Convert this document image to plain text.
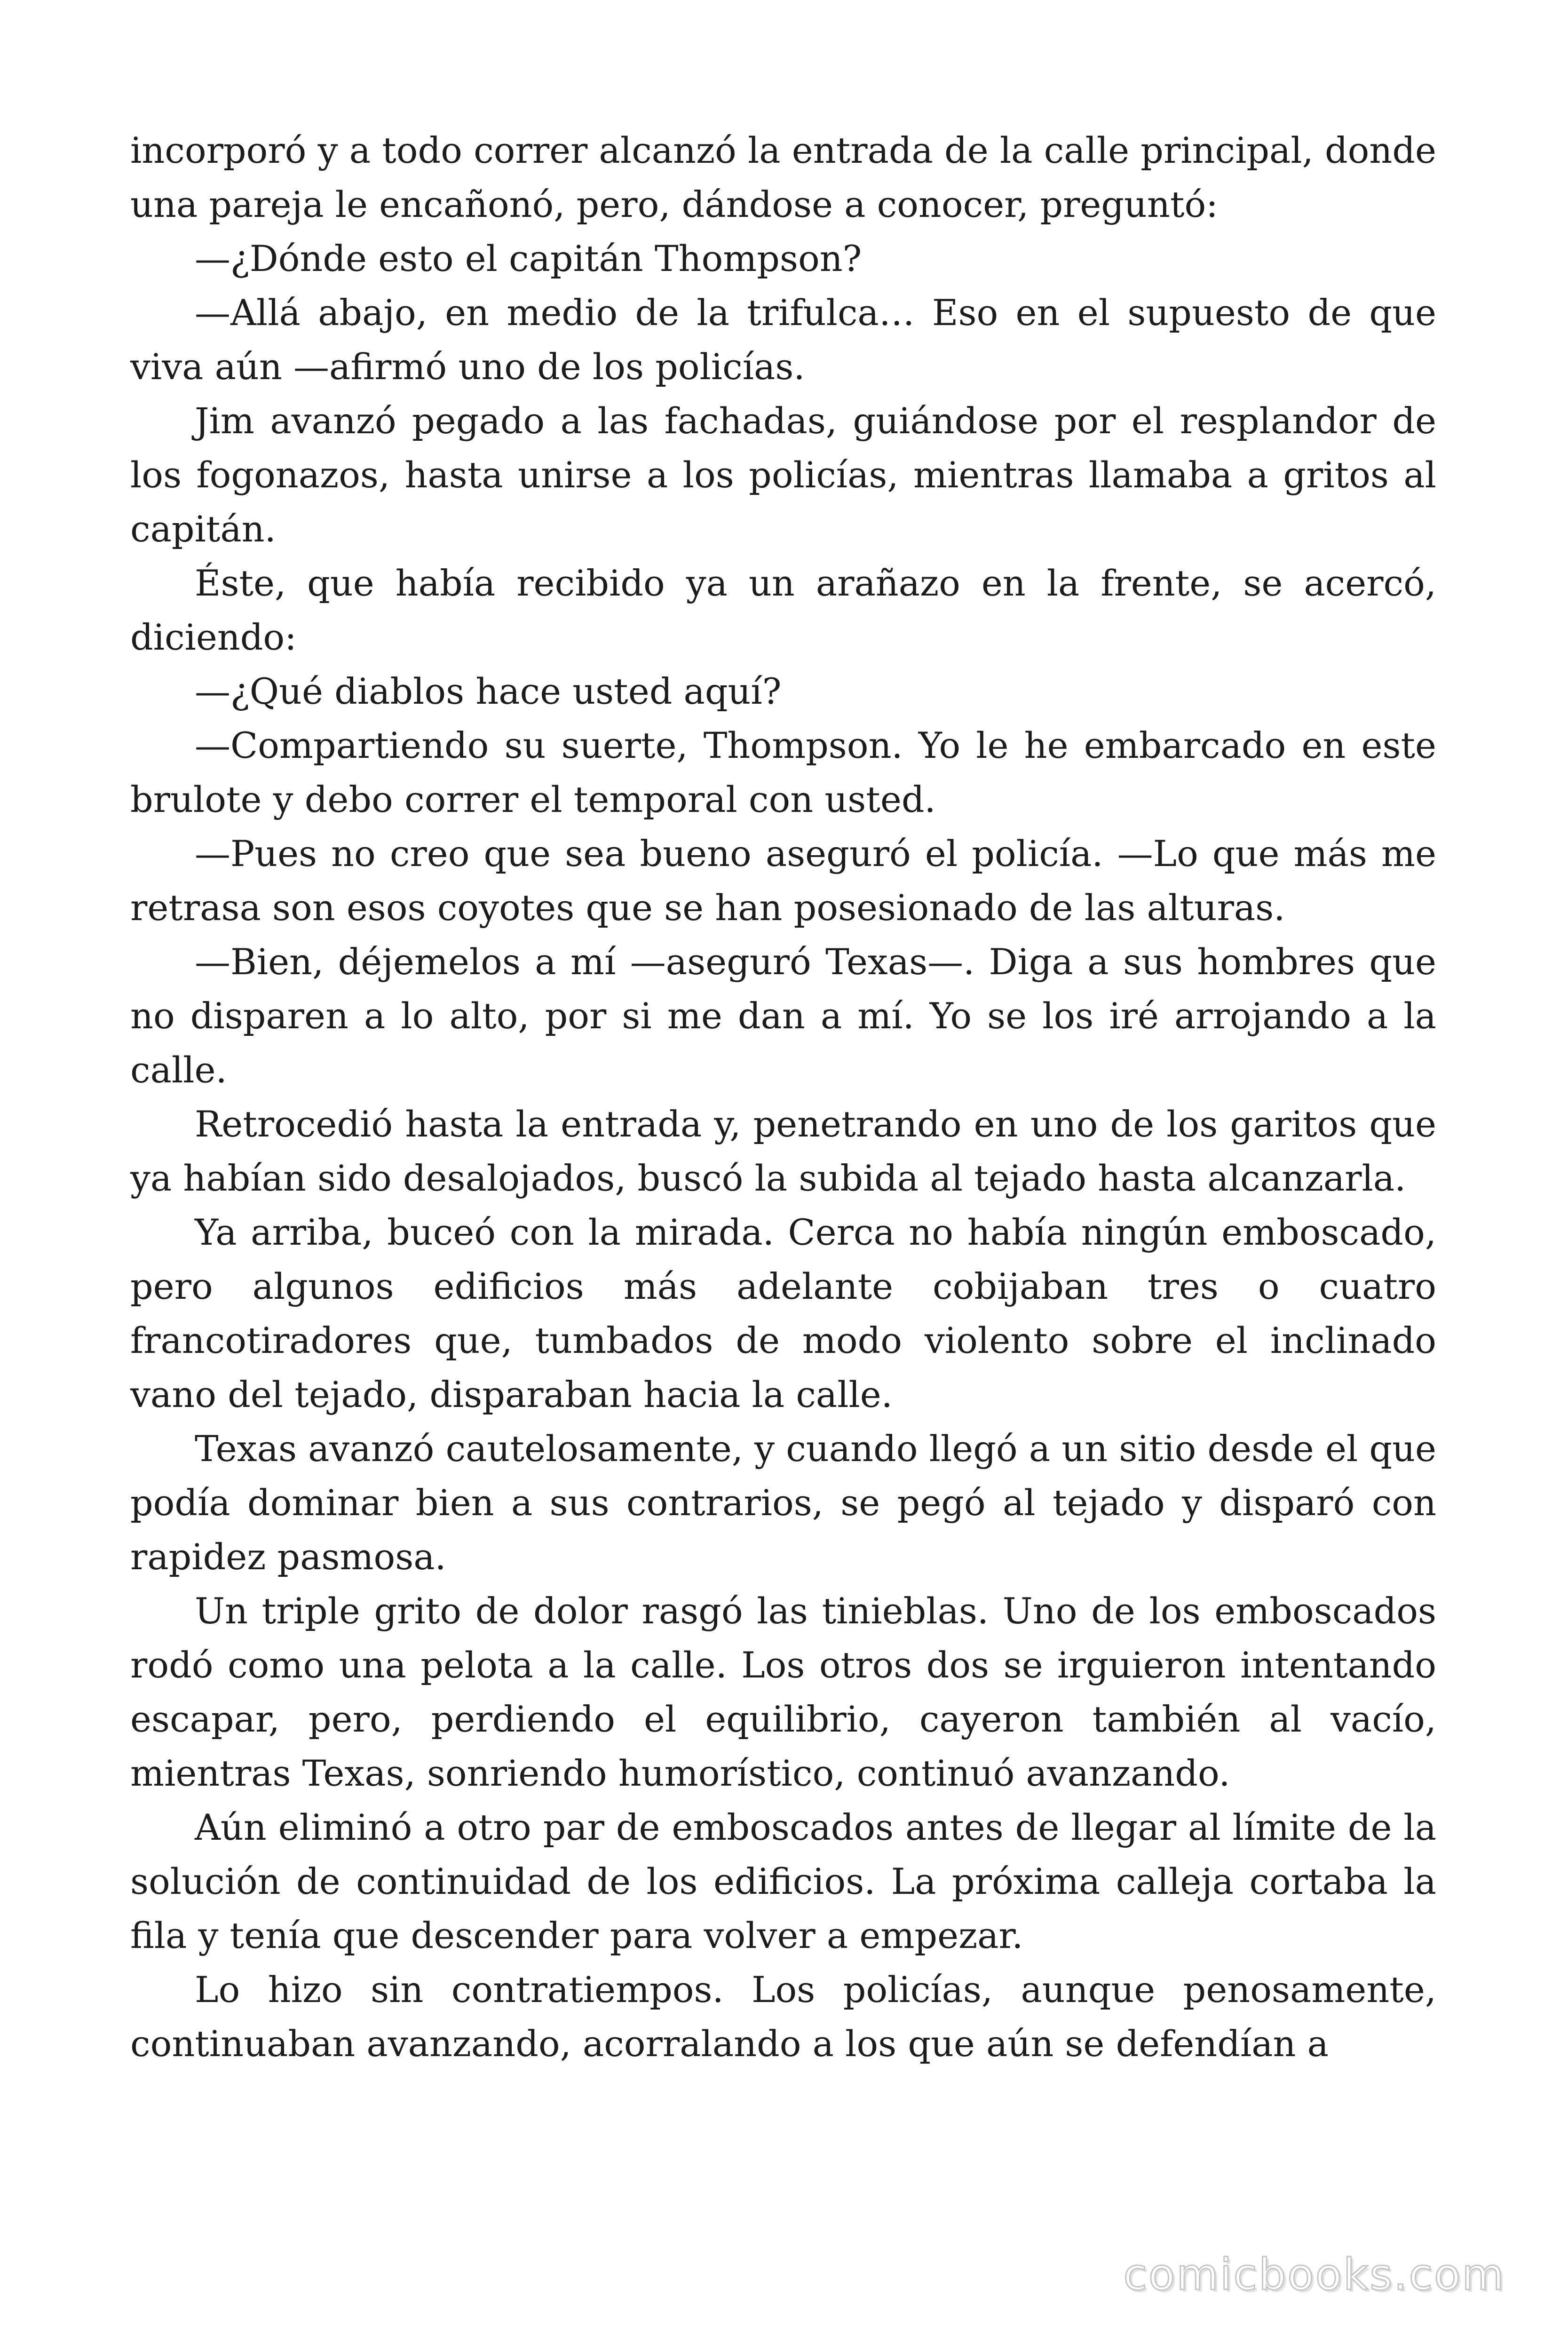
incorporó y a todo correr alcanzó la entrada de la calle principal, donde una pareja le encañonó, pero, dándose a conocer, preguntó:

—¿Dónde esto el capitán Thompson?

—Allá abajo, en medio de la trifulca… Eso en el supuesto de que viva aún —afirmó uno de los policías.

Jim avanzó pegado a las fachadas, guiándose por el resplandor de los fogonazos, hasta unirse a los policías, mientras llamaba a gritos al capitán.

Éste, que había recibido ya un arañazo en la frente, se acercó, diciendo:

—¿Qué diablos hace usted aquí?

—Compartiendo su suerte, Thompson. Yo le he embarcado en este brulote y debo correr el temporal con usted.

—Pues no creo que sea bueno aseguró el policía. —Lo que más me retrasa son esos coyotes que se han posesionado de las alturas.

—Bien, déjemelos a mí —aseguró Texas—. Diga a sus hombres que no disparen a lo alto, por si me dan a mí. Yo se los iré arrojando a la calle.

Retrocedió hasta la entrada y, penetrando en uno de los garitos que ya habían sido desalojados, buscó la subida al tejado hasta alcanzarla.

Ya arriba, buceó con la mirada. Cerca no había ningún emboscado, pero algunos edificios más adelante cobijaban tres o cuatro francotiradores que, tumbados de modo violento sobre el inclinado vano del tejado, disparaban hacia la calle.

Texas avanzó cautelosamente, y cuando llegó a un sitio desde el que podía dominar bien a sus contrarios, se pegó al tejado y disparó con rapidez pasmosa.

Un triple grito de dolor rasgó las tinieblas. Uno de los emboscados rodó como una pelota a la calle. Los otros dos se irguieron intentando escapar, pero, perdiendo el equilibrio, cayeron también al vacío, mientras Texas, sonriendo humorístico, continuó avanzando.

Aún eliminó a otro par de emboscados antes de llegar al límite de la solución de continuidad de los edificios. La próxima calleja cortaba la fila y tenía que descender para volver a empezar.

Lo hizo sin contratiempos. Los policías, aunque penosamente, continuaban avanzando, acorralando a los que aún se defendían a

comicbooks.com
